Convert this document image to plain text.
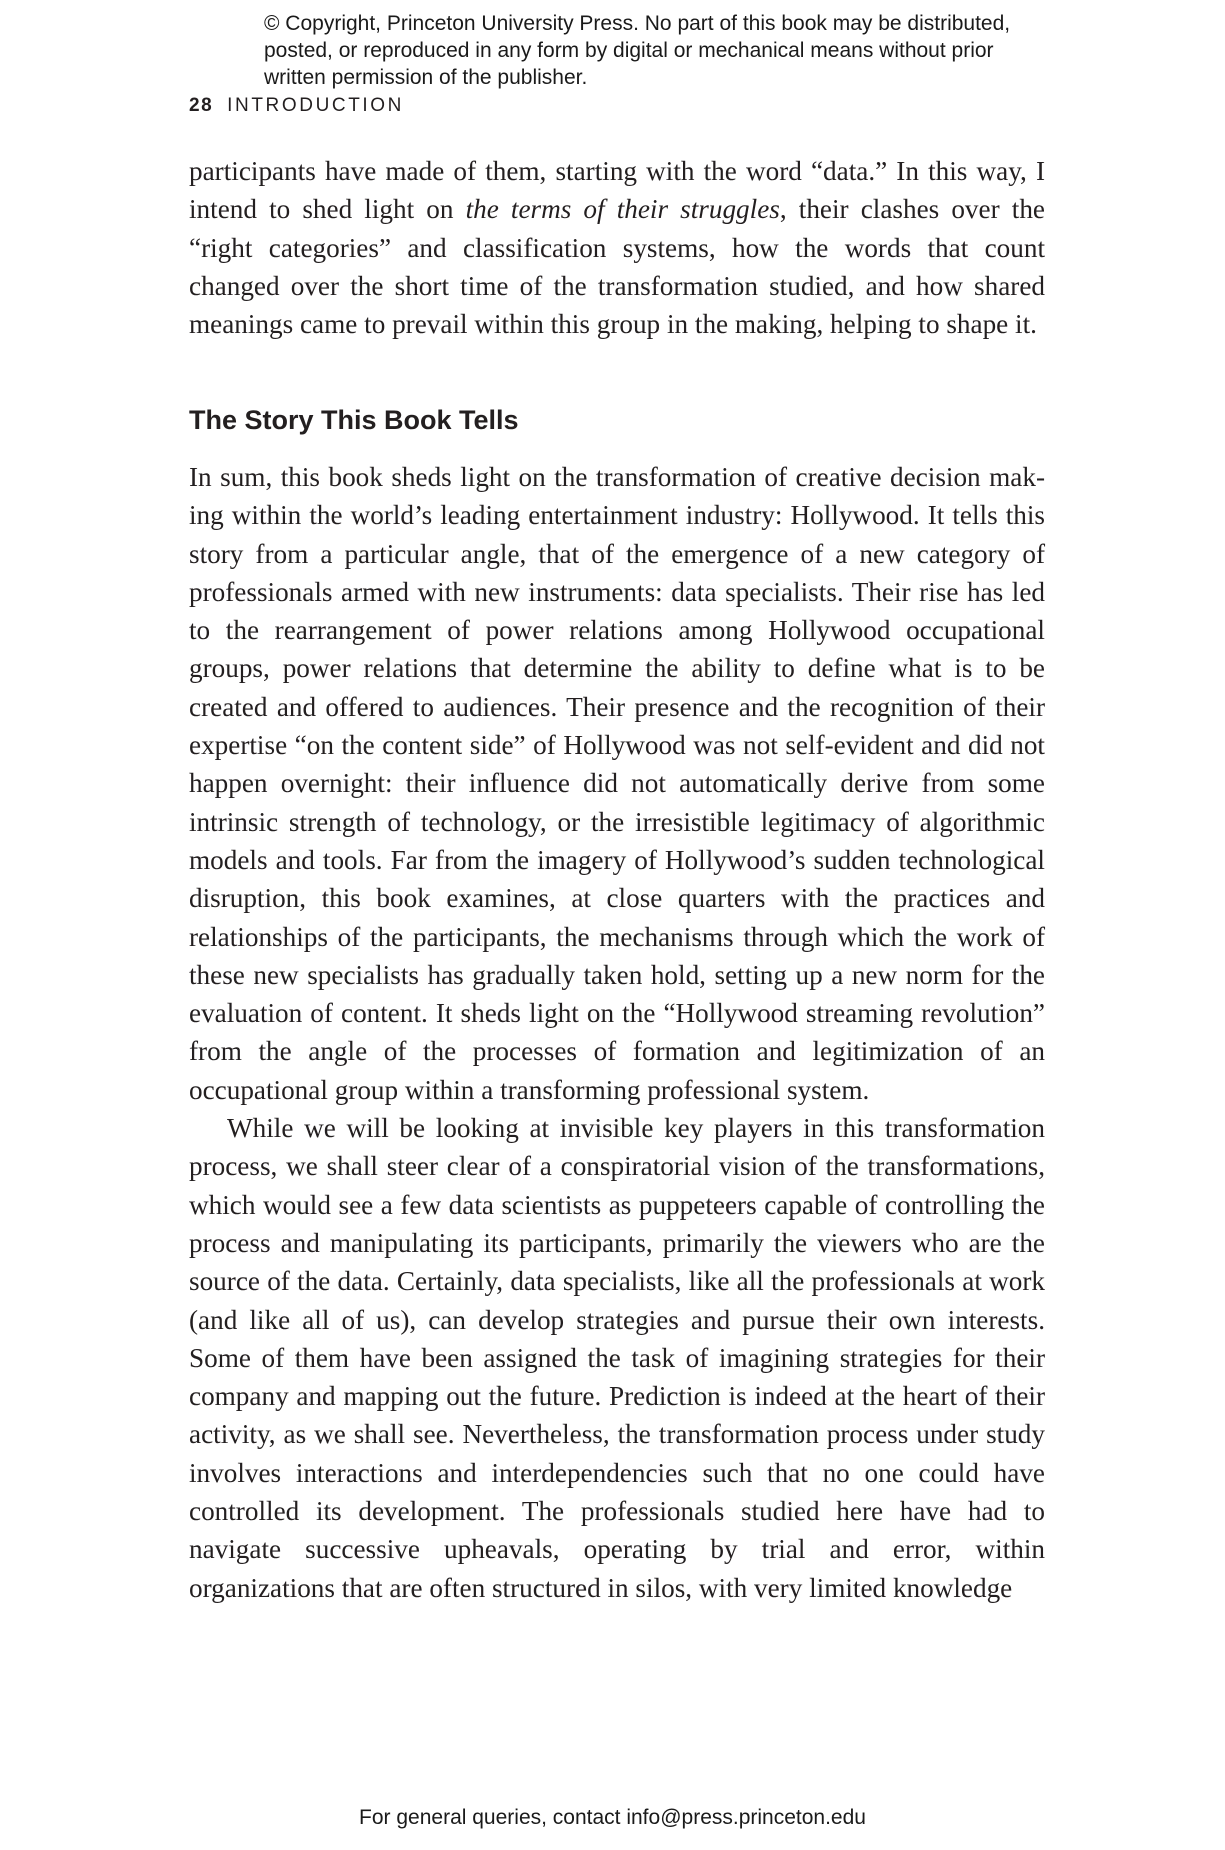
© Copyright, Princeton University Press. No part of this book may be distributed, posted, or reproduced in any form by digital or mechanical means without prior written permission of the publisher.
28 INTRODUCTION

participants have made of them, starting with the word “data.” In this way, I intend to shed light on the terms of their struggles, their clashes over the “right categories” and classification systems, how the words that count changed over the short time of the transformation studied, and how shared meanings came to prevail within this group in the making, helping to shape it.

The Story This Book Tells

In sum, this book sheds light on the transformation of creative decision making within the world’s leading entertainment industry: Hollywood. It tells this story from a particular angle, that of the emergence of a new category of professionals armed with new instruments: data specialists. Their rise has led to the rearrangement of power relations among Hollywood occupational groups, power relations that determine the ability to define what is to be created and offered to audiences. Their presence and the recognition of their expertise “on the content side” of Hollywood was not self-evident and did not happen overnight: their influence did not automatically derive from some intrinsic strength of technology, or the irresistible legitimacy of algorithmic models and tools. Far from the imagery of Hollywood’s sudden technological disruption, this book examines, at close quarters with the practices and relationships of the participants, the mechanisms through which the work of these new specialists has gradually taken hold, setting up a new norm for the evaluation of content. It sheds light on the “Hollywood streaming revolution” from the angle of the processes of formation and legitimization of an occupational group within a transforming professional system.

While we will be looking at invisible key players in this transformation process, we shall steer clear of a conspiratorial vision of the transformations, which would see a few data scientists as puppeteers capable of controlling the process and manipulating its participants, primarily the viewers who are the source of the data. Certainly, data specialists, like all the professionals at work (and like all of us), can develop strategies and pursue their own interests. Some of them have been assigned the task of imagining strategies for their company and mapping out the future. Prediction is indeed at the heart of their activity, as we shall see. Nevertheless, the transformation process under study involves interactions and interdependencies such that no one could have controlled its development. The professionals studied here have had to navigate successive upheavals, operating by trial and error, within organizations that are often structured in silos, with very limited knowledge

For general queries, contact info@press.princeton.edu
